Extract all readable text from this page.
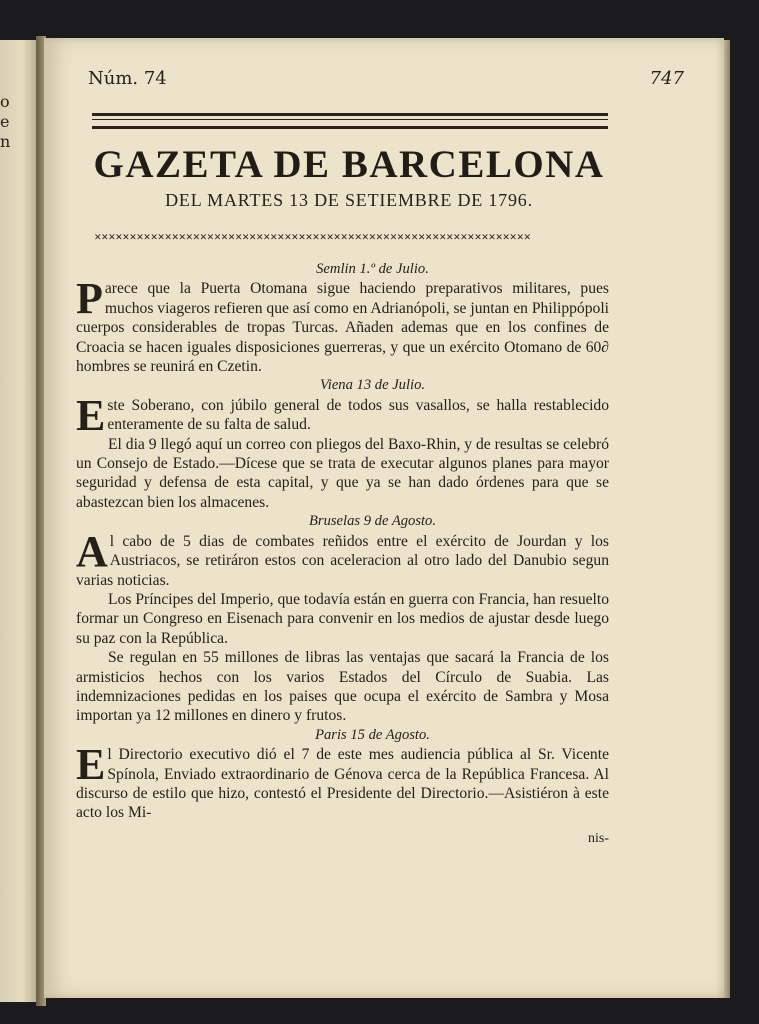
o
e
n
Núm. 74	747
GAZETA DE BARCELONA
DEL MARTES 13 DE SETIEMBRE DE 1796.
✕✕✕✕✕✕✕✕✕✕✕✕✕✕✕✕✕✕✕✕✕✕✕✕✕✕✕✕✕✕✕✕✕✕✕✕✕✕✕✕✕✕✕✕✕✕✕✕✕✕✕✕✕✕✕✕✕✕✕✕✕✕
Semlin 1.º de Julio.

Parece que la Puerta Otomana sigue haciendo preparativos militares, pues muchos viageros refieren que así como en Adrianópoli, se juntan en Philippópoli cuerpos considerables de tropas Turcas. Añaden ademas que en los confines de Croacia se hacen iguales disposiciones guerreras, y que un exército Otomano de 60∂ hombres se reunirá en Czetin.

Viena 13 de Julio.

Este Soberano, con júbilo general de todos sus vasallos, se halla restablecido enteramente de su falta de salud.

El dia 9 llegó aquí un correo con pliegos del Baxo-Rhin, y de resultas se celebró un Consejo de Estado.—Dícese que se trata de executar algunos planes para mayor seguridad y defensa de esta capital, y que ya se han dado órdenes para que se abastezcan bien los almacenes.

Bruselas 9 de Agosto.

Al cabo de 5 dias de combates reñidos entre el exército de Jourdan y los Austriacos, se retiráron estos con aceleracion al otro lado del Danubio segun varias noticias.

Los Príncipes del Imperio, que todavía están en guerra con Francia, han resuelto formar un Congreso en Eisenach para convenir en los medios de ajustar desde luego su paz con la República.

Se regulan en 55 millones de libras las ventajas que sacará la Francia de los armisticios hechos con los varios Estados del Círculo de Suabia. Las indemnizaciones pedidas en los paises que ocupa el exército de Sambra y Mosa importan ya 12 millones en dinero y frutos.

Paris 15 de Agosto.

El Directorio executivo dió el 7 de este mes audiencia pública al Sr. Vicente Spínola, Enviado extraordinario de Génova cerca de la República Francesa. Al discurso de estilo que hizo, contestó el Presidente del Directorio.—Asistiéron à este acto los Mi-

nis-
